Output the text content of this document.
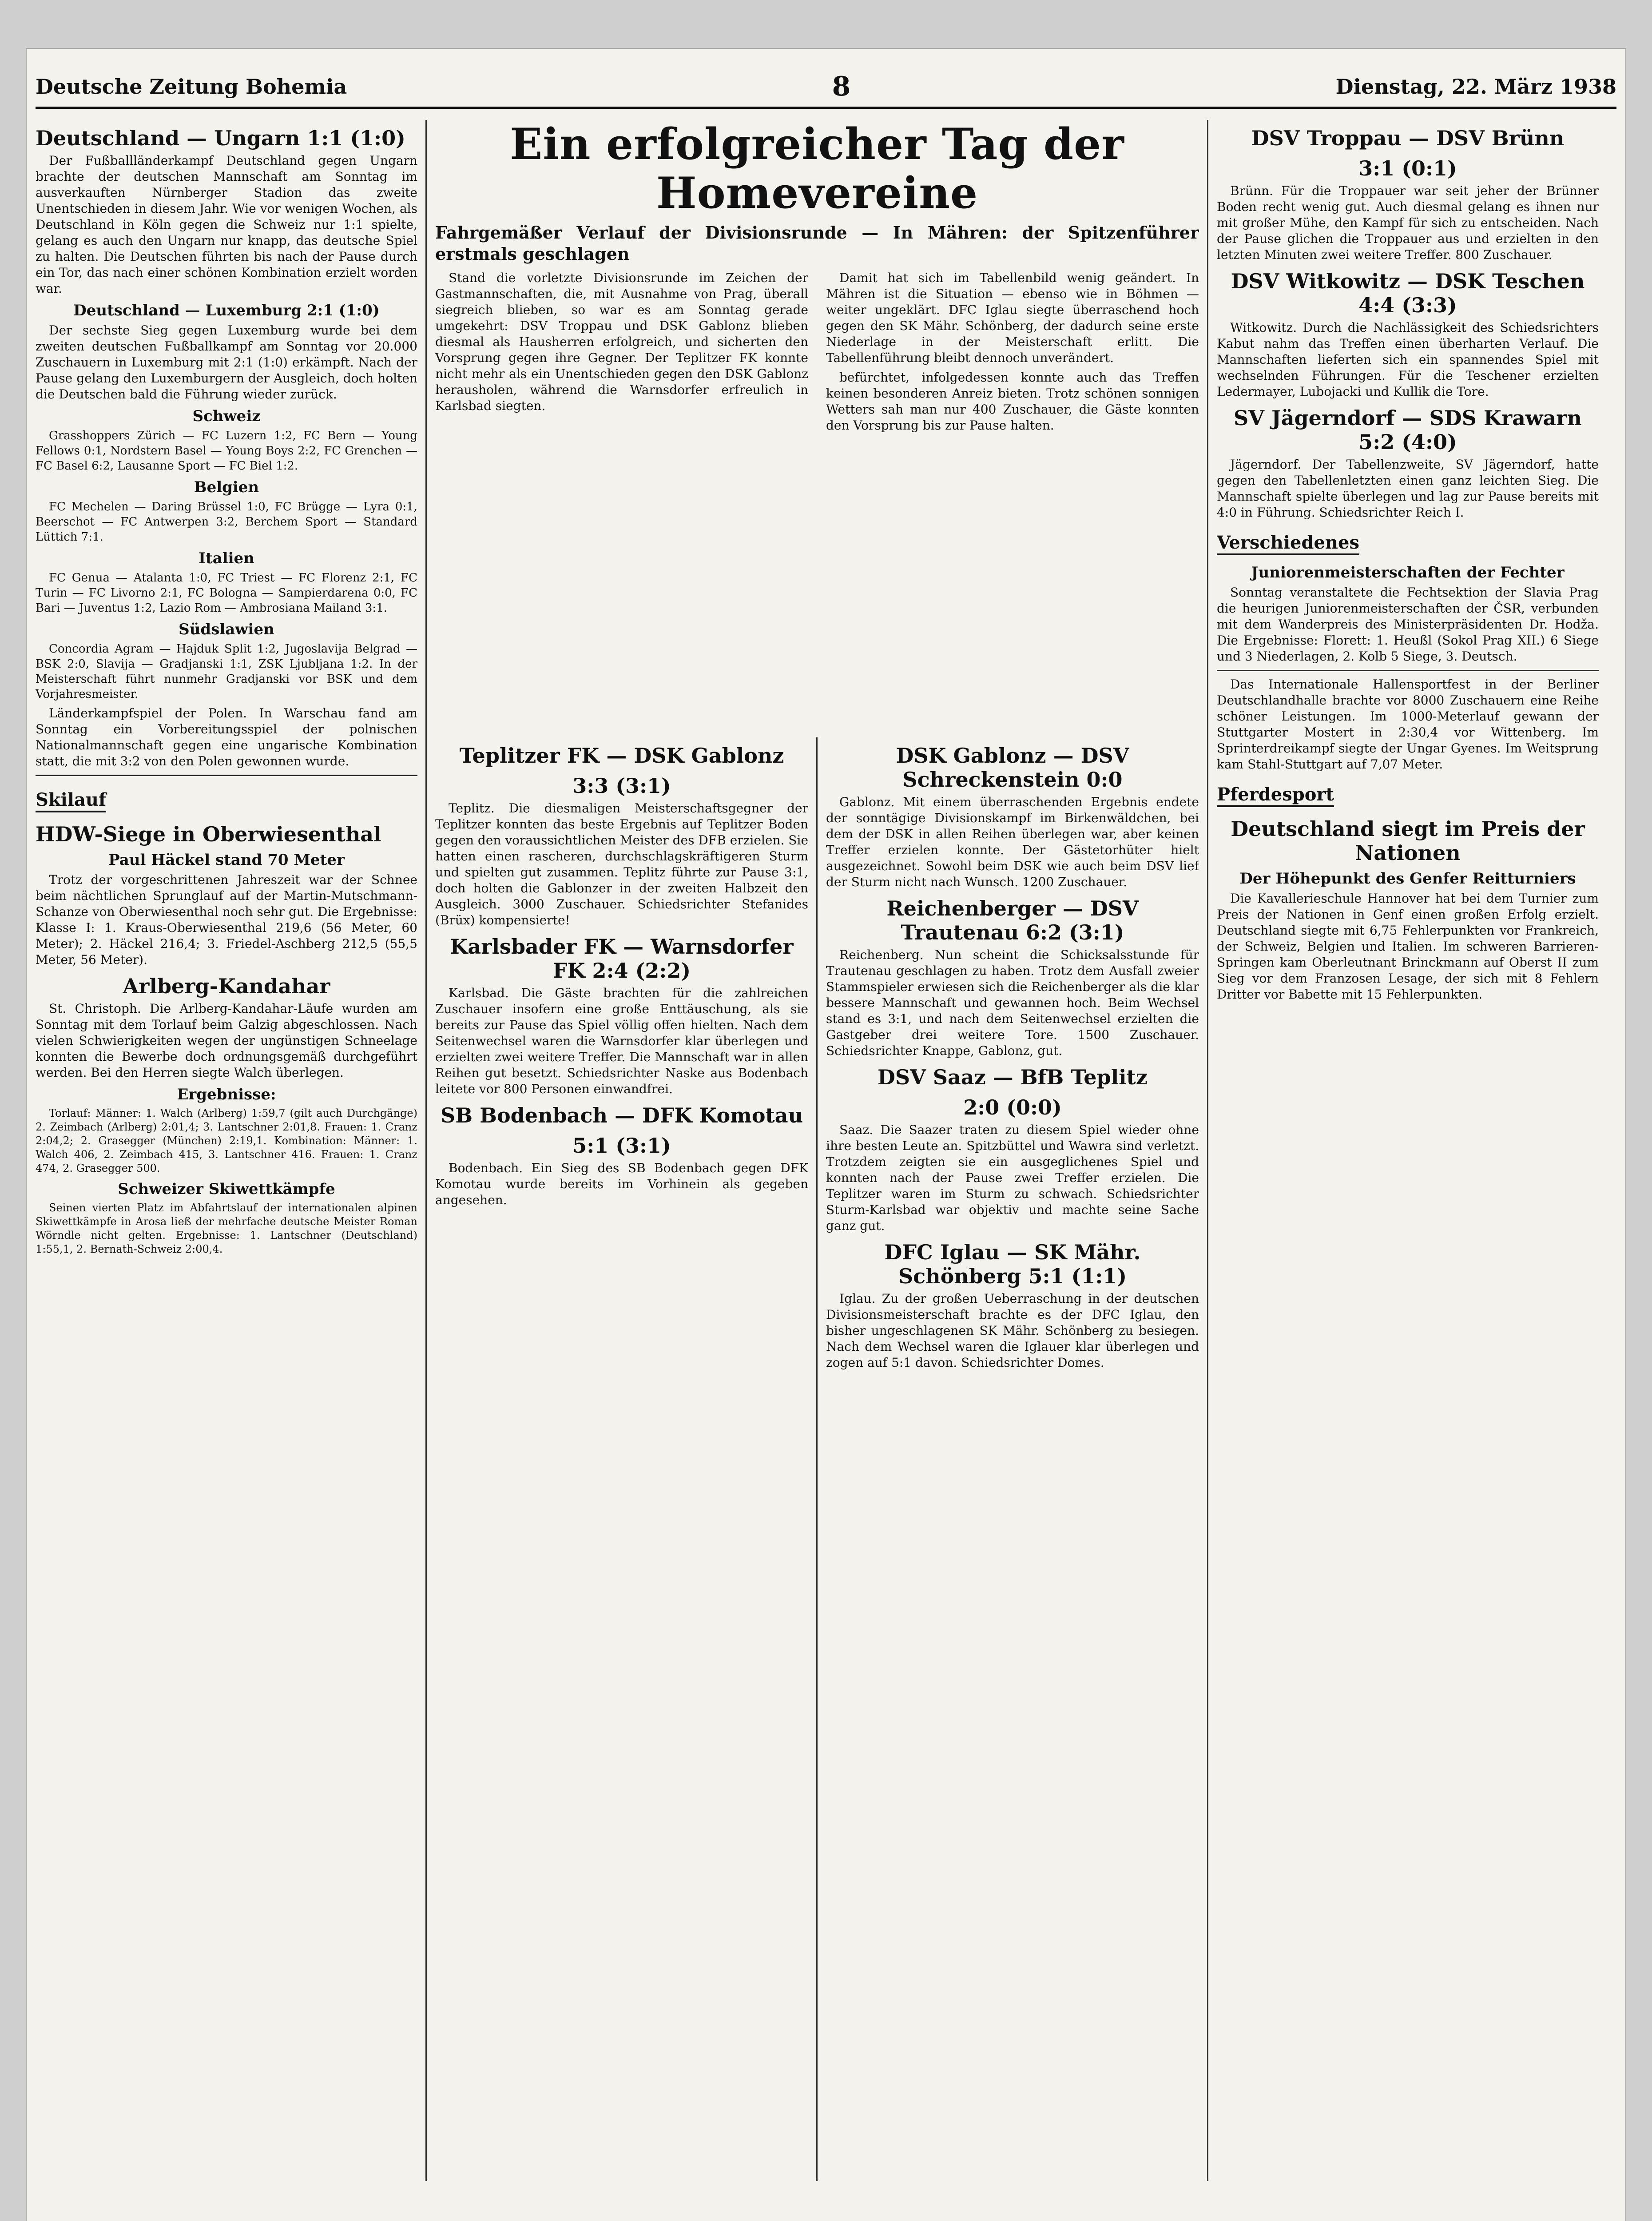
Deutsche Zeitung Bohemia	8	Dienstag, 22. März 1938
Deutschland — Ungarn 1:1 (1:0)

Der Fußballländerkampf Deutschland gegen Ungarn brachte der deutschen Mannschaft am Sonntag im ausverkauften Nürnberger Stadion das zweite Unentschieden in diesem Jahr. Wie vor wenigen Wochen, als Deutschland in Köln gegen die Schweiz nur 1:1 spielte, gelang es auch den Ungarn nur knapp, das deutsche Spiel zu halten. Die Deutschen führten bis nach der Pause durch ein Tor, das nach einer schönen Kombination erzielt worden war.

Deutschland — Luxemburg 2:1 (1:0)

Der sechste Sieg gegen Luxemburg wurde bei dem zweiten deutschen Fußballkampf am Sonntag vor 20.000 Zuschauern in Luxemburg mit 2:1 (1:0) erkämpft. Nach der Pause gelang den Luxemburgern der Ausgleich, doch holten die Deutschen bald die Führung wieder zurück.

Schweiz

Grasshoppers Zürich — FC Luzern 1:2, FC Bern — Young Fellows 0:1, Nordstern Basel — Young Boys 2:2, FC Grenchen — FC Basel 6:2, Lausanne Sport — FC Biel 1:2.

Belgien

FC Mechelen — Daring Brüssel 1:0, FC Brügge — Lyra 0:1, Beerschot — FC Antwerpen 3:2, Berchem Sport — Standard Lüttich 7:1.

Italien

FC Genua — Atalanta 1:0, FC Triest — FC Florenz 2:1, FC Turin — FC Livorno 2:1, FC Bologna — Sampierdarena 0:0, FC Bari — Juventus 1:2, Lazio Rom — Ambrosiana Mailand 3:1.

Südslawien

Concordia Agram — Hajduk Split 1:2, Jugoslavija Belgrad — BSK 2:0, Slavija — Gradjanski 1:1, ZSK Ljubljana 1:2. In der Meisterschaft führt nunmehr Gradjanski vor BSK und dem Vorjahresmeister.

Länderkampfspiel der Polen. In Warschau fand am Sonntag ein Vorbereitungsspiel der polnischen Nationalmannschaft gegen eine ungarische Kombination statt, die mit 3:2 von den Polen gewonnen wurde.

Skilauf
HDW-Siege in Oberwiesenthal
Paul Häckel stand 70 Meter

Trotz der vorgeschrittenen Jahreszeit war der Schnee beim nächtlichen Sprunglauf auf der Martin-Mutschmann-Schanze von Oberwiesenthal noch sehr gut. Die Ergebnisse: Klasse I: 1. Kraus-Oberwiesenthal 219,6 (56 Meter, 60 Meter); 2. Häckel 216,4; 3. Friedel-Aschberg 212,5 (55,5 Meter, 56 Meter).

Arlberg-Kandahar

St. Christoph. Die Arlberg-Kandahar-Läufe wurden am Sonntag mit dem Torlauf beim Galzig abgeschlossen. Nach vielen Schwierigkeiten wegen der ungünstigen Schneelage konnten die Bewerbe doch ordnungsgemäß durchgeführt werden. Bei den Herren siegte Walch überlegen.

Ergebnisse:

Torlauf: Männer: 1. Walch (Arlberg) 1:59,7 (gilt auch Durchgänge) 2. Zeimbach (Arlberg) 2:01,4; 3. Lantschner 2:01,8. Frauen: 1. Cranz 2:04,2; 2. Grasegger (München) 2:19,1. Kombination: Männer: 1. Walch 406, 2. Zeimbach 415, 3. Lantschner 416. Frauen: 1. Cranz 474, 2. Grasegger 500.

Schweizer Skiwettkämpfe

Seinen vierten Platz im Abfahrtslauf der internationalen alpinen Skiwettkämpfe in Arosa ließ der mehrfache deutsche Meister Roman Wörndle nicht gelten. Ergebnisse: 1. Lantschner (Deutschland) 1:55,1, 2. Bernath-Schweiz 2:00,4.

Ein erfolgreicher Tag der Homevereine
Fahrgemäßer Verlauf der Divisionsrunde — In Mähren: der Spitzenführer erstmals geschlagen

Stand die vorletzte Divisionsrunde im Zeichen der Gastmannschaften, die, mit Ausnahme von Prag, überall siegreich blieben, so war es am Sonntag gerade umgekehrt: DSV Troppau und DSK Gablonz blieben diesmal als Hausherren erfolgreich, und sicherten den Vorsprung gegen ihre Gegner. Der Teplitzer FK konnte nicht mehr als ein Unentschieden gegen den DSK Gablonz herausholen, während die Warnsdorfer erfreulich in Karlsbad siegten.

Damit hat sich im Tabellenbild wenig geändert. In Mähren ist die Situation — ebenso wie in Böhmen — weiter ungeklärt. DFC Iglau siegte überraschend hoch gegen den SK Mähr. Schönberg, der dadurch seine erste Niederlage in der Meisterschaft erlitt. Die Tabellenführung bleibt dennoch unverändert.

befürchtet, infolgedessen konnte auch das Treffen keinen besonderen Anreiz bieten. Trotz schönen sonnigen Wetters sah man nur 400 Zuschauer, die Gäste konnten den Vorsprung bis zur Pause halten.

Teplitzer FK — DSK Gablonz
3:3 (3:1)

Teplitz. Die diesmaligen Meisterschaftsgegner der Teplitzer konnten das beste Ergebnis auf Teplitzer Boden gegen den voraussichtlichen Meister des DFB erzielen. Sie hatten einen rascheren, durchschlagskräftigeren Sturm und spielten gut zusammen. Teplitz führte zur Pause 3:1, doch holten die Gablonzer in der zweiten Halbzeit den Ausgleich. 3000 Zuschauer. Schiedsrichter Stefanides (Brüx) kompensierte!

Karlsbader FK — Warnsdorfer FK 2:4 (2:2)

Karlsbad. Die Gäste brachten für die zahlreichen Zuschauer insofern eine große Enttäuschung, als sie bereits zur Pause das Spiel völlig offen hielten. Nach dem Seitenwechsel waren die Warnsdorfer klar überlegen und erzielten zwei weitere Treffer. Die Mannschaft war in allen Reihen gut besetzt. Schiedsrichter Naske aus Bodenbach leitete vor 800 Personen einwandfrei.

SB Bodenbach — DFK Komotau
5:1 (3:1)

Bodenbach. Ein Sieg des SB Bodenbach gegen DFK Komotau wurde bereits im Vorhinein als gegeben angesehen.

DSK Gablonz — DSV Schreckenstein 0:0

Gablonz. Mit einem überraschenden Ergebnis endete der sonntägige Divisionskampf im Birkenwäldchen, bei dem der DSK in allen Reihen überlegen war, aber keinen Treffer erzielen konnte. Der Gästetorhüter hielt ausgezeichnet. Sowohl beim DSK wie auch beim DSV lief der Sturm nicht nach Wunsch. 1200 Zuschauer.

Reichenberger — DSV Trautenau 6:2 (3:1)

Reichenberg. Nun scheint die Schicksalsstunde für Trautenau geschlagen zu haben. Trotz dem Ausfall zweier Stammspieler erwiesen sich die Reichenberger als die klar bessere Mannschaft und gewannen hoch. Beim Wechsel stand es 3:1, und nach dem Seitenwechsel erzielten die Gastgeber drei weitere Tore. 1500 Zuschauer. Schiedsrichter Knappe, Gablonz, gut.

DSV Saaz — BfB Teplitz
2:0 (0:0)

Saaz. Die Saazer traten zu diesem Spiel wieder ohne ihre besten Leute an. Spitzbüttel und Wawra sind verletzt. Trotzdem zeigten sie ein ausgeglichenes Spiel und konnten nach der Pause zwei Treffer erzielen. Die Teplitzer waren im Sturm zu schwach. Schiedsrichter Sturm-Karlsbad war objektiv und machte seine Sache ganz gut.

DFC Iglau — SK Mähr. Schönberg 5:1 (1:1)

Iglau. Zu der großen Ueberraschung in der deutschen Divisionsmeisterschaft brachte es der DFC Iglau, den bisher ungeschlagenen SK Mähr. Schönberg zu besiegen. Nach dem Wechsel waren die Iglauer klar überlegen und zogen auf 5:1 davon. Schiedsrichter Domes.

DSV Troppau — DSV Brünn
3:1 (0:1)

Brünn. Für die Troppauer war seit jeher der Brünner Boden recht wenig gut. Auch diesmal gelang es ihnen nur mit großer Mühe, den Kampf für sich zu entscheiden. Nach der Pause glichen die Troppauer aus und erzielten in den letzten Minuten zwei weitere Treffer. 800 Zuschauer.

DSV Witkowitz — DSK Teschen 4:4 (3:3)

Witkowitz. Durch die Nachlässigkeit des Schiedsrichters Kabut nahm das Treffen einen überharten Verlauf. Die Mannschaften lieferten sich ein spannendes Spiel mit wechselnden Führungen. Für die Teschener erzielten Ledermayer, Lubojacki und Kullik die Tore.

SV Jägerndorf — SDS Krawarn 5:2 (4:0)

Jägerndorf. Der Tabellenzweite, SV Jägerndorf, hatte gegen den Tabellenletzten einen ganz leichten Sieg. Die Mannschaft spielte überlegen und lag zur Pause bereits mit 4:0 in Führung. Schiedsrichter Reich I.

Verschiedenes
Juniorenmeisterschaften der Fechter

Sonntag veranstaltete die Fechtsektion der Slavia Prag die heurigen Juniorenmeisterschaften der ČSR, verbunden mit dem Wanderpreis des Ministerpräsidenten Dr. Hodža. Die Ergebnisse: Florett: 1. Heußl (Sokol Prag XII.) 6 Siege und 3 Niederlagen, 2. Kolb 5 Siege, 3. Deutsch.

Das Internationale Hallensportfest in der Berliner Deutschlandhalle brachte vor 8000 Zuschauern eine Reihe schöner Leistungen. Im 1000-Meterlauf gewann der Stuttgarter Mostert in 2:30,4 vor Wittenberg. Im Sprinterdreikampf siegte der Ungar Gyenes. Im Weitsprung kam Stahl-Stuttgart auf 7,07 Meter.

Pferdesport
Deutschland siegt im Preis der Nationen
Der Höhepunkt des Genfer Reitturniers

Die Kavallerieschule Hannover hat bei dem Turnier zum Preis der Nationen in Genf einen großen Erfolg erzielt. Deutschland siegte mit 6,75 Fehlerpunkten vor Frankreich, der Schweiz, Belgien und Italien. Im schweren Barrieren-Springen kam Oberleutnant Brinckmann auf Oberst II zum Sieg vor dem Franzosen Lesage, der sich mit 8 Fehlern Dritter vor Babette mit 15 Fehlerpunkten.
